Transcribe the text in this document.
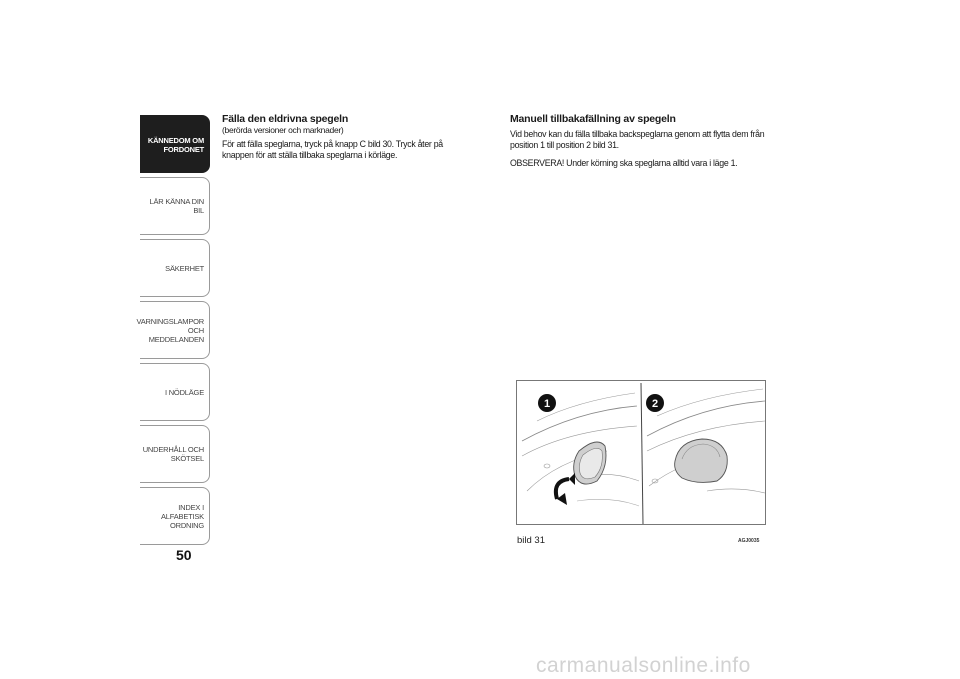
KÄNNEDOM OM
FORDONET
LÄR KÄNNA DIN BIL
SÄKERHET
VARNINGSLAMPOR
OCH MEDDELANDEN
I NÖDLÄGE
UNDERHÅLL OCH
SKÖTSEL
INDEX I ALFABETISK
ORDNING
50

Fälla den eldrivna spegeln

(berörda versioner och marknader)

För att fälla speglarna, tryck på knapp C bild 30. Tryck åter på knappen för att ställa tillbaka speglarna i körläge.

Manuell tillbakafällning av spegeln

Vid behov kan du fälla tillbaka backspeglarna genom att flytta dem från position 1 till position 2 bild 31.

OBSERVERA! Under körning ska speglarna alltid vara i läge 1.

1	2
bild 31	AGJ0035
carmanualsonline.info
